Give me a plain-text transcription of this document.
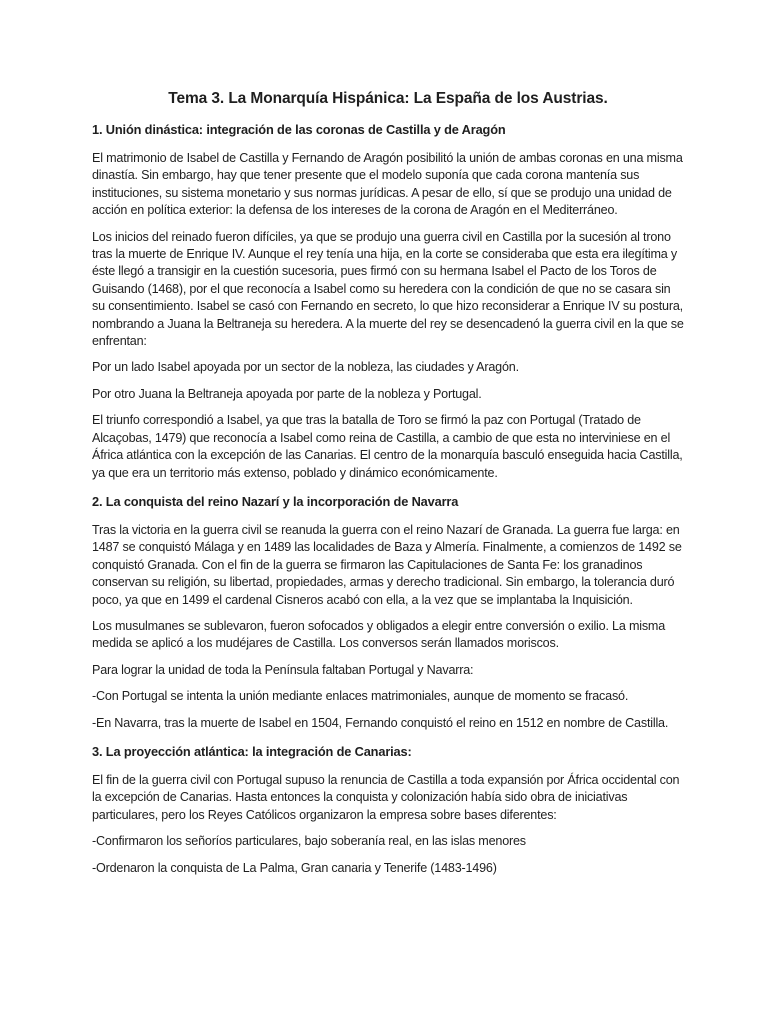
Tema 3. La Monarquía Hispánica: La España de los Austrias.
1. Unión dinástica: integración de las coronas de Castilla y de Aragón

El matrimonio de Isabel de Castilla y Fernando de Aragón posibilitó la unión de ambas coronas en una misma dinastía. Sin embargo, hay que tener presente que el modelo suponía que cada corona mantenía sus instituciones, su sistema monetario y sus normas jurídicas. A pesar de ello, sí que se produjo una unidad de acción en política exterior: la defensa de los intereses de la corona de Aragón en el Mediterráneo.

Los inicios del reinado fueron difíciles, ya que se produjo una guerra civil en Castilla por la sucesión al trono tras la muerte de Enrique IV. Aunque el rey tenía una hija, en la corte se consideraba que esta era ilegítima y éste llegó a transigir en la cuestión sucesoria, pues firmó con su hermana Isabel el Pacto de los Toros de Guisando (1468), por el que reconocía a Isabel como su heredera con la condición de que no se casara sin su consentimiento. Isabel se casó con Fernando en secreto, lo que hizo reconsiderar a Enrique IV su postura, nombrando a Juana la Beltraneja su heredera. A la muerte del rey se desencadenó la guerra civil en la que se enfrentan:

Por un lado Isabel apoyada por un sector de la nobleza, las ciudades y Aragón.

Por otro Juana la Beltraneja apoyada por parte de la nobleza y Portugal.

El triunfo correspondió a Isabel, ya que tras la batalla de Toro se firmó la paz con Portugal (Tratado de Alcaçobas, 1479) que reconocía a Isabel como reina de Castilla, a cambio de que esta no interviniese en el África atlántica con la excepción de las Canarias. El centro de la monarquía basculó enseguida hacia Castilla, ya que era un territorio más extenso, poblado y dinámico económicamente.

2. La conquista del reino Nazarí y la incorporación de Navarra

Tras la victoria en la guerra civil se reanuda la guerra con el reino Nazarí de Granada. La guerra fue larga: en 1487 se conquistó Málaga y en 1489 las localidades de Baza y Almería. Finalmente, a comienzos de 1492 se conquistó Granada. Con el fin de la guerra se firmaron las Capitulaciones de Santa Fe: los granadinos conservan su religión, su libertad, propiedades, armas y derecho tradicional. Sin embargo, la tolerancia duró poco, ya que en 1499 el cardenal Cisneros acabó con ella, a la vez que se implantaba la Inquisición.

Los musulmanes se sublevaron, fueron sofocados y obligados a elegir entre conversión o exilio. La misma medida se aplicó a los mudéjares de Castilla. Los conversos serán llamados moriscos.

Para lograr la unidad de toda la Península faltaban Portugal y Navarra:

-Con Portugal se intenta la unión mediante enlaces matrimoniales, aunque de momento se fracasó.

-En Navarra, tras la muerte de Isabel en 1504, Fernando conquistó el reino en 1512 en nombre de Castilla.

3. La proyección atlántica: la integración de Canarias:

El fin de la guerra civil con Portugal supuso la renuncia de Castilla a toda expansión por África occidental con la excepción de Canarias. Hasta entonces la conquista y colonización había sido obra de iniciativas particulares, pero los Reyes Católicos organizaron la empresa sobre bases diferentes:

-Confirmaron los señoríos particulares, bajo soberanía real, en las islas menores

-Ordenaron la conquista de La Palma, Gran canaria y Tenerife (1483-1496)
